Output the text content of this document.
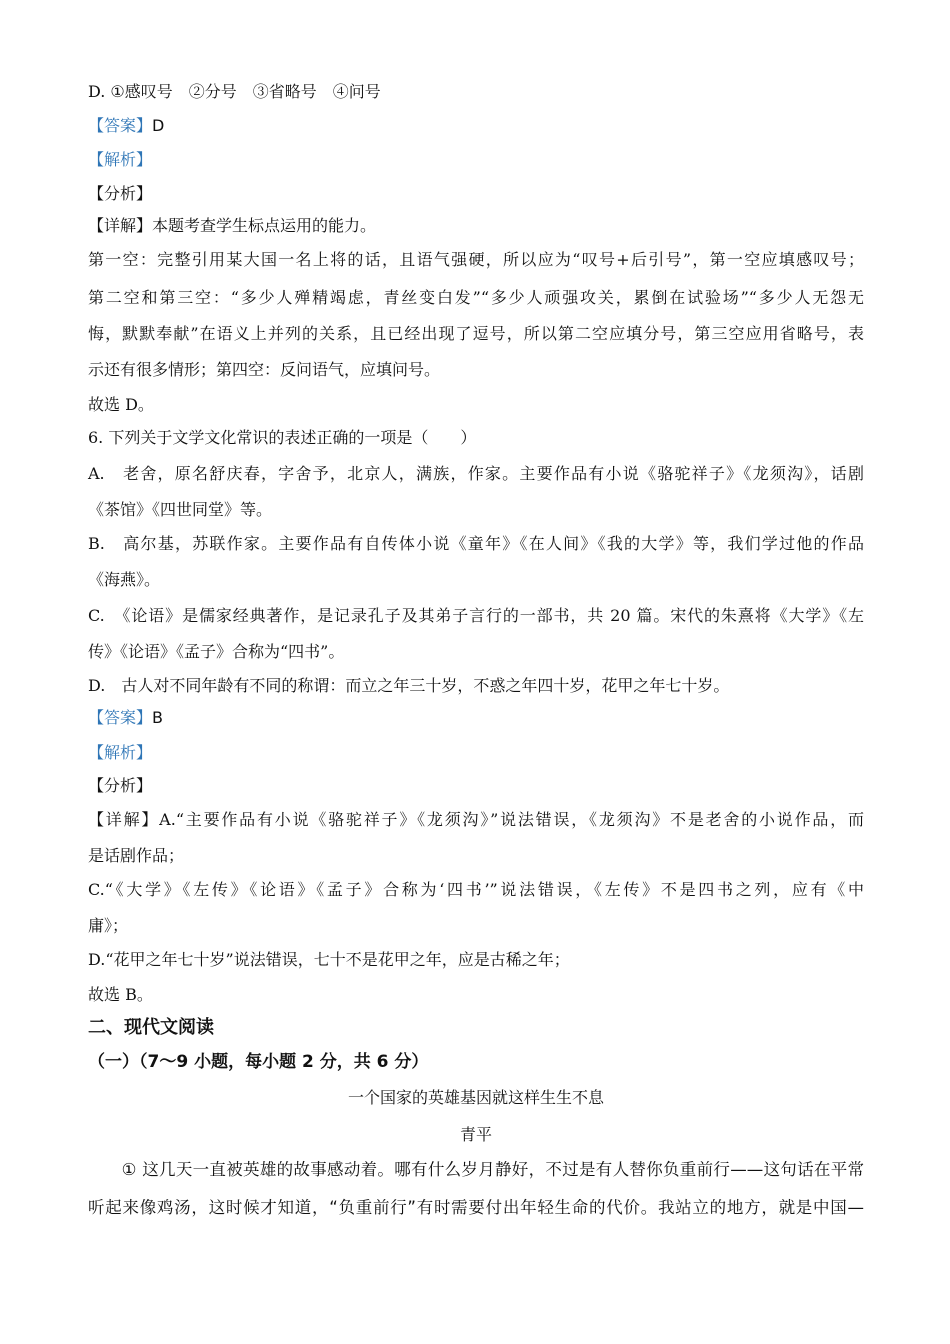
D. ①感叹号　②分号　③省略号　④问号
【答案】D
【解析】
【分析】
【详解】本题考查学生标点运用的能力。
第一空：完整引用某大国一名上将的话，且语气强硬，所以应为“叹号+后引号”，第一空应填感叹号；
第二空和第三空：“多少人殚精竭虑，青丝变白发”“多少人顽强攻关，累倒在试验场”“多少人无怨无
悔，默默奉献”在语义上并列的关系，且已经出现了逗号，所以第二空应填分号，第三空应用省略号，表
示还有很多情形；第四空：反问语气，应填问号。
故选 D。
6. 下列关于文学文化常识的表述正确的一项是（　　）
A.　老舍，原名舒庆春，字舍予，北京人，满族，作家。主要作品有小说《骆驼祥子》《龙须沟》，话剧
《茶馆》《四世同堂》等。
B.　高尔基，苏联作家。主要作品有自传体小说《童年》《在人间》《我的大学》等，我们学过他的作品
《海燕》。
C.　《论语》是儒家经典著作，是记录孔子及其弟子言行的一部书，共 20 篇。宋代的朱熹将《大学》《左
传》《论语》《孟子》合称为“四书”。
D.　古人对不同年龄有不同的称谓：而立之年三十岁，不惑之年四十岁，花甲之年七十岁。
【答案】B
【解析】
【分析】
【详解】A.“主要作品有小说《骆驼祥子》《龙须沟》”说法错误，《龙须沟》不是老舍的小说作品，而
是话剧作品；
C.“《大学》《左传》《论语》《孟子》合称为‘四书’”说法错误，《左传》不是四书之列，应有《中
庸》；
D.“花甲之年七十岁”说法错误，七十不是花甲之年，应是古稀之年；
故选 B。
二、现代文阅读
（一）（7～9 小题，每小题 2 分，共 6 分）
一个国家的英雄基因就这样生生不息
青平
　　① 这几天一直被英雄的故事感动着。哪有什么岁月静好，不过是有人替你负重前行——这句话在平常
听起来像鸡汤，这时候才知道，“负重前行”有时需要付出年轻生命的代价。我站立的地方，就是中国—
